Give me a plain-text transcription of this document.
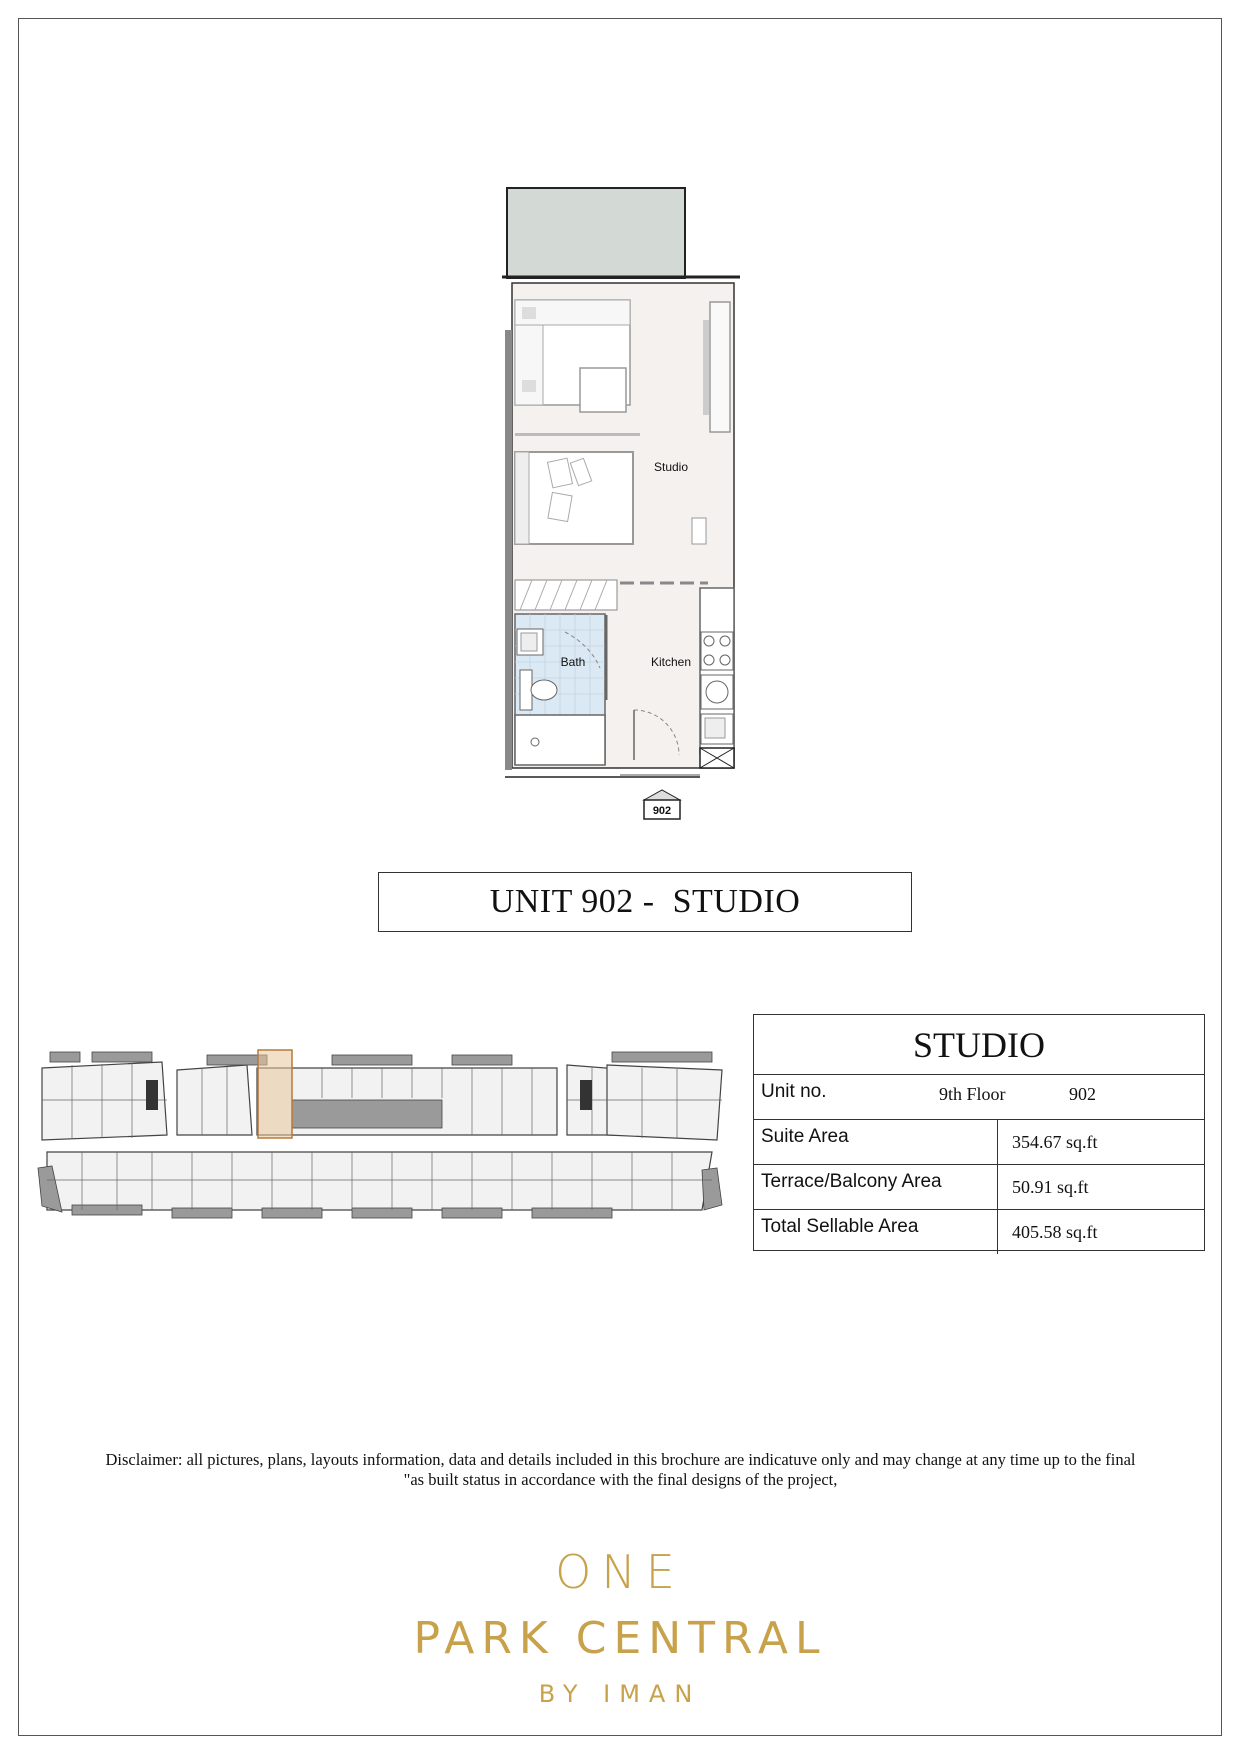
Studio
Bath	Kitchen
902
UNIT 902 -  STUDIO
STUDIO
Unit no.	9th Floor	902
Suite Area	354.67 sq.ft
Terrace/Balcony Area	50.91 sq.ft
Total Sellable Area	405.58 sq.ft
Disclaimer: all pictures, plans, layouts information, data and details included in this brochure are indicatuve only and may change at any time up to the final
"as built status in accordance with the final designs of the project,
ONE
PARK CENTRAL
BY IMAN
